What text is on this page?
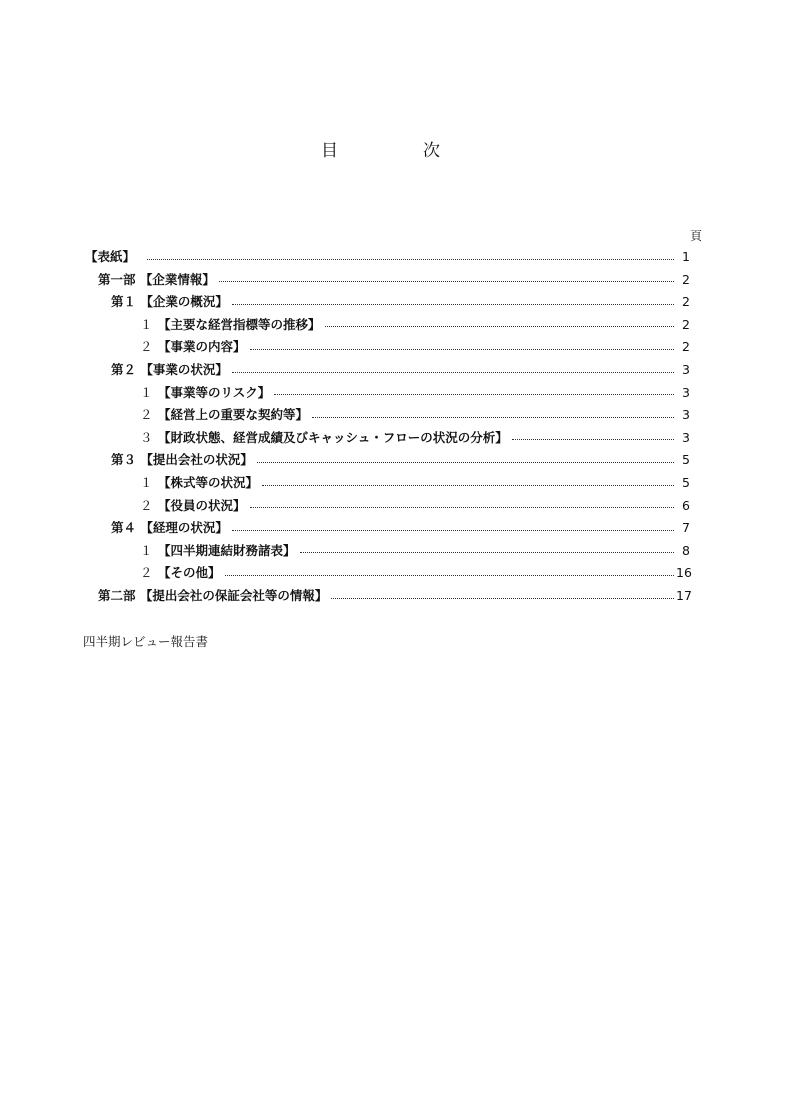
目	次
頁
【表紙】	1
第一部 【企業情報】	2
第１ 【企業の概況】	2
１ 【主要な経営指標等の推移】	2
２ 【事業の内容】	2
第２ 【事業の状況】	3
１ 【事業等のリスク】	3
２ 【経営上の重要な契約等】	3
３ 【財政状態、経営成績及びキャッシュ・フローの状況の分析】	3
第３ 【提出会社の状況】	5
１ 【株式等の状況】	5
２ 【役員の状況】	6
第４ 【経理の状況】	7
１ 【四半期連結財務諸表】	8
２ 【その他】	16
第二部 【提出会社の保証会社等の情報】	17
四半期レビュー報告書
